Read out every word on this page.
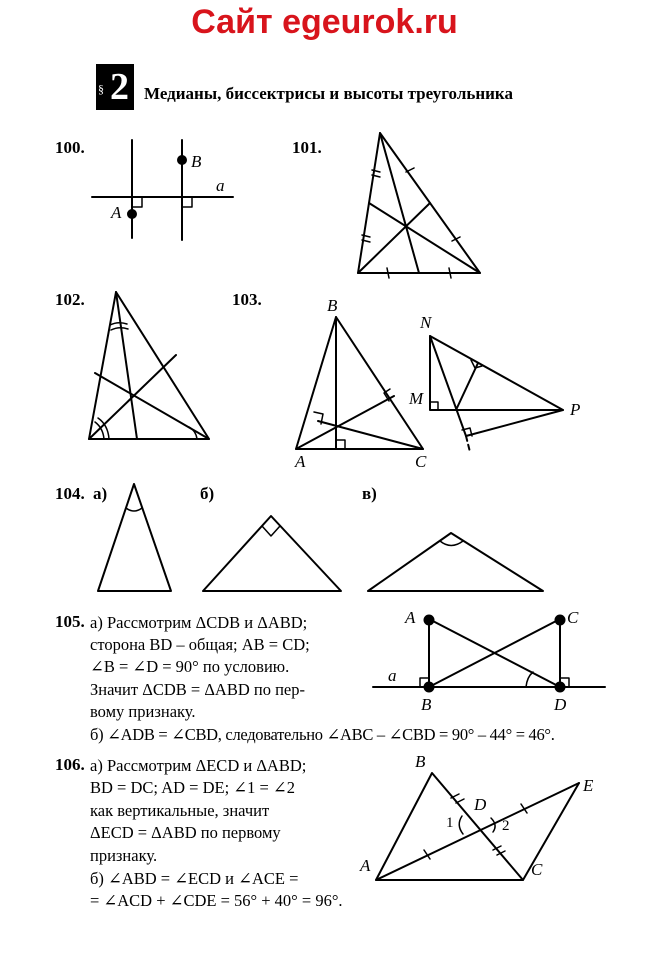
Сайт egeurok.ru
§ 2 Медианы, биссектрисы и высоты треугольника
100.	101.
102.	103.
104. а)	б)	в)
105.
106.
B
a
A
B
A	C
N
M
P
а) Рассмотрим ΔCDB и ΔABD;
сторона BD – общая; AB = CD;
∠B = ∠D = 90° по условию.
Значит ΔCDB = ΔABD по пер-
вому признаку.
б) ∠ADB = ∠CBD, следовательно ∠ABC – ∠CBD = 90° – 44° = 46°.
A	C
a
B	D
а) Рассмотрим ΔECD и ΔABD;
BD = DC; AD = DE; ∠1 = ∠2
как вертикальные, значит
ΔECD = ΔABD по первому
признаку.
б) ∠ABD = ∠ECD и ∠ACE =
= ∠ACD + ∠CDE = 56° + 40° = 96°.
B
D
E
A	C
1	2
